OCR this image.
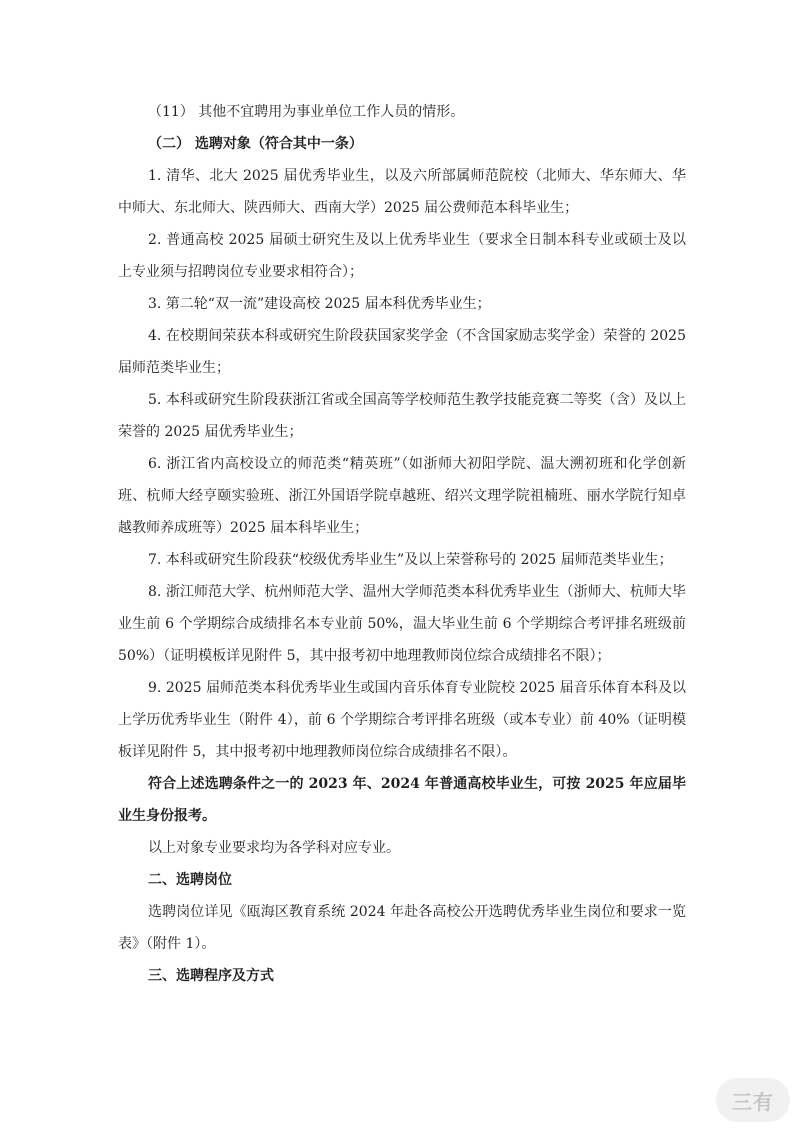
（11） 其他不宜聘用为事业单位工作人员的情形。

（二） 选聘对象（符合其中一条）

1. 清华、北大 2025 届优秀毕业生，以及六所部属师范院校（北师大、华东师大、华中师大、东北师大、陕西师大、西南大学）2025 届公费师范本科毕业生；

2. 普通高校 2025 届硕士研究生及以上优秀毕业生（要求全日制本科专业或硕士及以上专业须与招聘岗位专业要求相符合）；

3. 第二轮“双一流”建设高校 2025 届本科优秀毕业生；

4. 在校期间荣获本科或研究生阶段获国家奖学金（不含国家励志奖学金）荣誉的 2025 届师范类毕业生；

5. 本科或研究生阶段获浙江省或全国高等学校师范生教学技能竞赛二等奖（含）及以上荣誉的 2025 届优秀毕业生；

6. 浙江省内高校设立的师范类“精英班”（如浙师大初阳学院、温大溯初班和化学创新班、杭师大经亨颐实验班、浙江外国语学院卓越班、绍兴文理学院祖楠班、丽水学院行知卓越教师养成班等）2025 届本科毕业生；

7. 本科或研究生阶段获“校级优秀毕业生”及以上荣誉称号的 2025 届师范类毕业生；

8. 浙江师范大学、杭州师范大学、温州大学师范类本科优秀毕业生（浙师大、杭师大毕业生前 6 个学期综合成绩排名本专业前 50%，温大毕业生前 6 个学期综合考评排名班级前 50%）（证明模板详见附件 5，其中报考初中地理教师岗位综合成绩排名不限）；

9. 2025 届师范类本科优秀毕业生或国内音乐体育专业院校 2025 届音乐体育本科及以上学历优秀毕业生（附件 4），前 6 个学期综合考评排名班级（或本专业）前 40%（证明模板详见附件 5，其中报考初中地理教师岗位综合成绩排名不限）。

符合上述选聘条件之一的 2023 年、2024 年普通高校毕业生，可按 2025 年应届毕业生身份报考。

以上对象专业要求均为各学科对应专业。

二、选聘岗位

选聘岗位详见《瓯海区教育系统 2024 年赴各高校公开选聘优秀毕业生岗位和要求一览表》（附件 1）。

三、选聘程序及方式

三有
